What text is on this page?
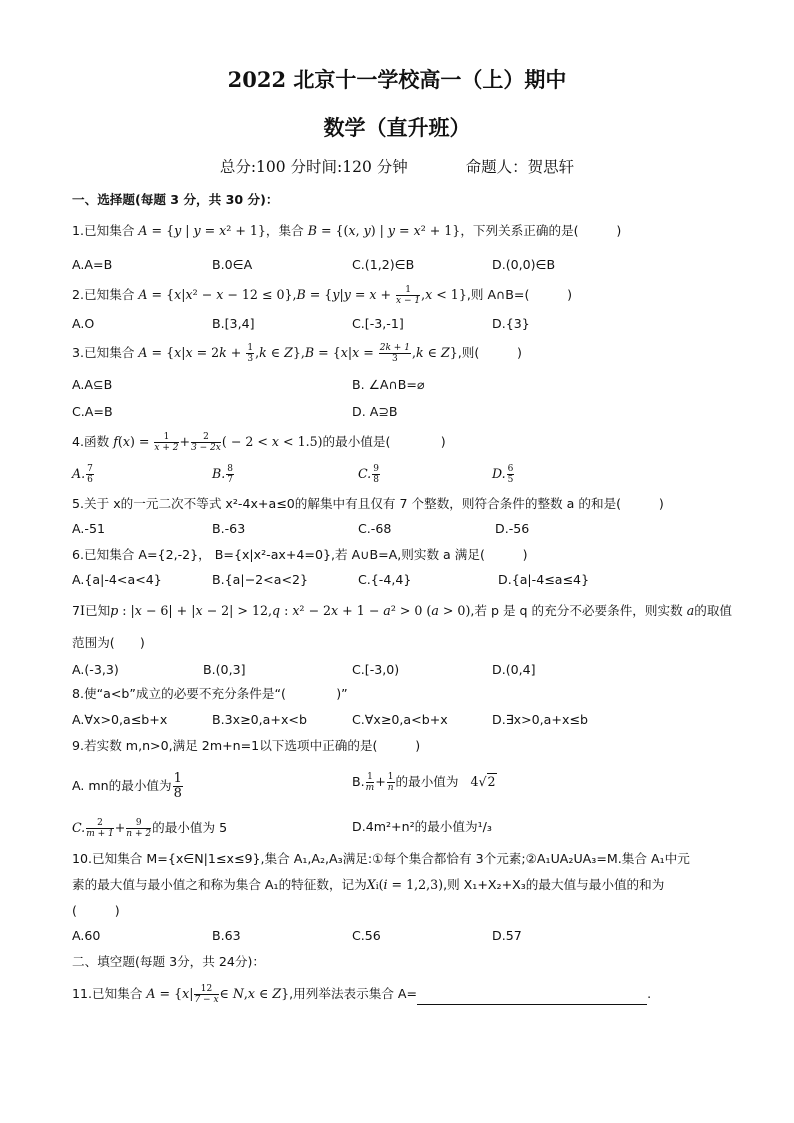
2022 北京十一学校高一（上）期中
数学（直升班）
总分:100 分时间:120 分钟	命题人：贺思轩
一、选择题(每题 3 分，共 30 分)：
1.已知集合 A = {y | y = x² + 1}，集合 B = {(x, y) | y = x² + 1}，下列关系正确的是(　　　)
A.A=B	B.0∈A	C.(1,2)∈B	D.(0,0)∈B
2.已知集合 $A = \{x|x^2 - x - 12 \le 0\},B = \{y|y = x + \frac{1}{x - 1} ,x < 1\}$,则 A∩B=(　　　)
A.O	B.[3,4]	C.[-3,-1]	D.{3}
3.已知集合 $A = \{x|x = 2k + \frac{1}{3} ,k$ ∈ $Z\},B = \{x|x = \frac{2k + 1}{3} ,k$ ∈ Z},则(　　　)
A.A⊆B	B. ∠A∩B=⌀
C.A=B	D. A⊇B
4.函数 $f(x) = \frac{1}{x + 2} + \frac{2}{3 - 2x}$ ( − 2 < x < 1.5)的最小值是(　　　　)
A. $\frac{7}{6}$	B. $\frac{8}{7}$	C. $\frac{9}{8}$	D. $\frac{6}{5}$
5.关于 x的一元二次不等式 x²-4x+a≤0的解集中有且仅有 7 个整数，则符合条件的整数 a 的和是(　　　)
A.-51	B.-63	C.-68	D.-56
6.已知集合 A={2,-2}， B={x|x²-ax+4=0},若 A∪B=A,则实数 a 满足(　　　)
A.{a|-4<a<4}	B.{a|−2<a<2}	C.{-4,4}	D.{a|-4≤a≤4}
7I已知p : |x − 6| + |x − 2| > 12,q : x² − 2x + 1 − a² > 0 (a > 0),若 p 是 q 的充分不必要条件，则实数 a的取值
范围为(　　)
A.(-3,3)	B.(0,3]	C.[-3,0)	D.(0,4]
8.使“a<b”成立的必要不充分条件是“(　　　　)”
A.∀x>0,a≤b+x	B.3x≥0,a+x<b	C.∀x≥0,a<b+x	D.∃x>0,a+x≤b
9.若实数 m,n>0,满足 2m+n=1以下选项中正确的是(　　　)
A. mn的最小值为 $\frac{1}{8}$	B. $\frac{1}{m} + \frac{1}{n}$ 的最小值为 4√2
C. $\frac{2}{m + 1} + \frac{9}{n + 2}$ 的最小值为 5	D.4m²+n²的最小值为¹/₃
10.已知集合 M={x∈N|1≤x≤9},集合 A₁,A₂,A₃满足:①每个集合都恰有 3个元素;②A₁UA₂UA₃=M.集合 A₁中元
素的最大值与最小值之和称为集合 A₁的特征数，记为Xi(i = 1,2,3),则 X₁+X₂+X₃的最大值与最小值的和为
(　　　)
A.60	B.63	C.56	D.57
二、填空题(每题 3分，共 24分)：
11.已知集合 $A = \{x| \frac{12}{7 - x}$ ∈ N,x ∈ Z},用列举法表示集合 A=	.
